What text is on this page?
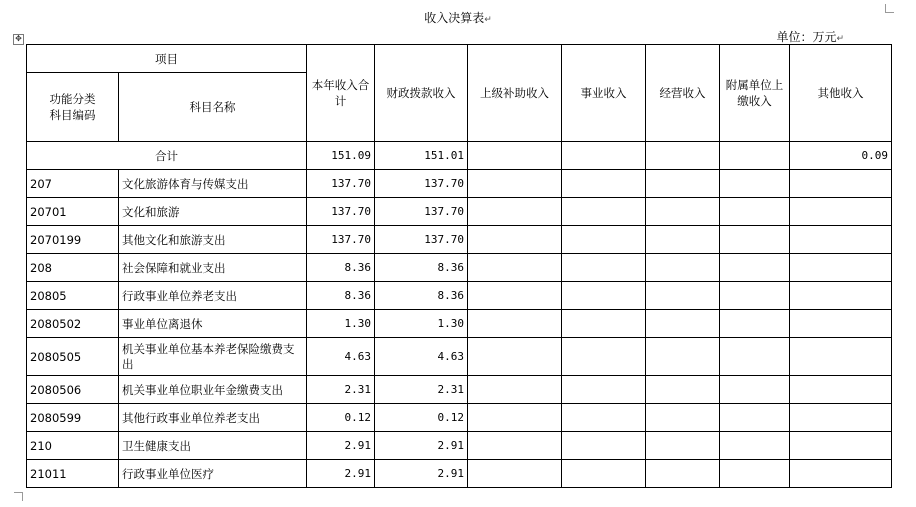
收入决算表↵
单位：万元↵
✥
项目		本年收入合计	财政拨款收入	上级补助收入	事业收入	经营收入	附属单位上缴收入	其他收入
功能分类
科目编码	科目名称							
合计		151.09	151.01					0.09
207	文化旅游体育与传媒支出	137.70	137.70					
20701	文化和旅游	137.70	137.70					
2070199	其他文化和旅游支出	137.70	137.70					
208	社会保障和就业支出	8.36	8.36					
20805	行政事业单位养老支出	8.36	8.36					
2080502	事业单位离退休	1.30	1.30					
2080505	机关事业单位基本养老保险缴费支出	4.63	4.63					
2080506	机关事业单位职业年金缴费支出	2.31	2.31					
2080599	其他行政事业单位养老支出	0.12	0.12					
210	卫生健康支出	2.91	2.91					
21011	行政事业单位医疗	2.91	2.91					
